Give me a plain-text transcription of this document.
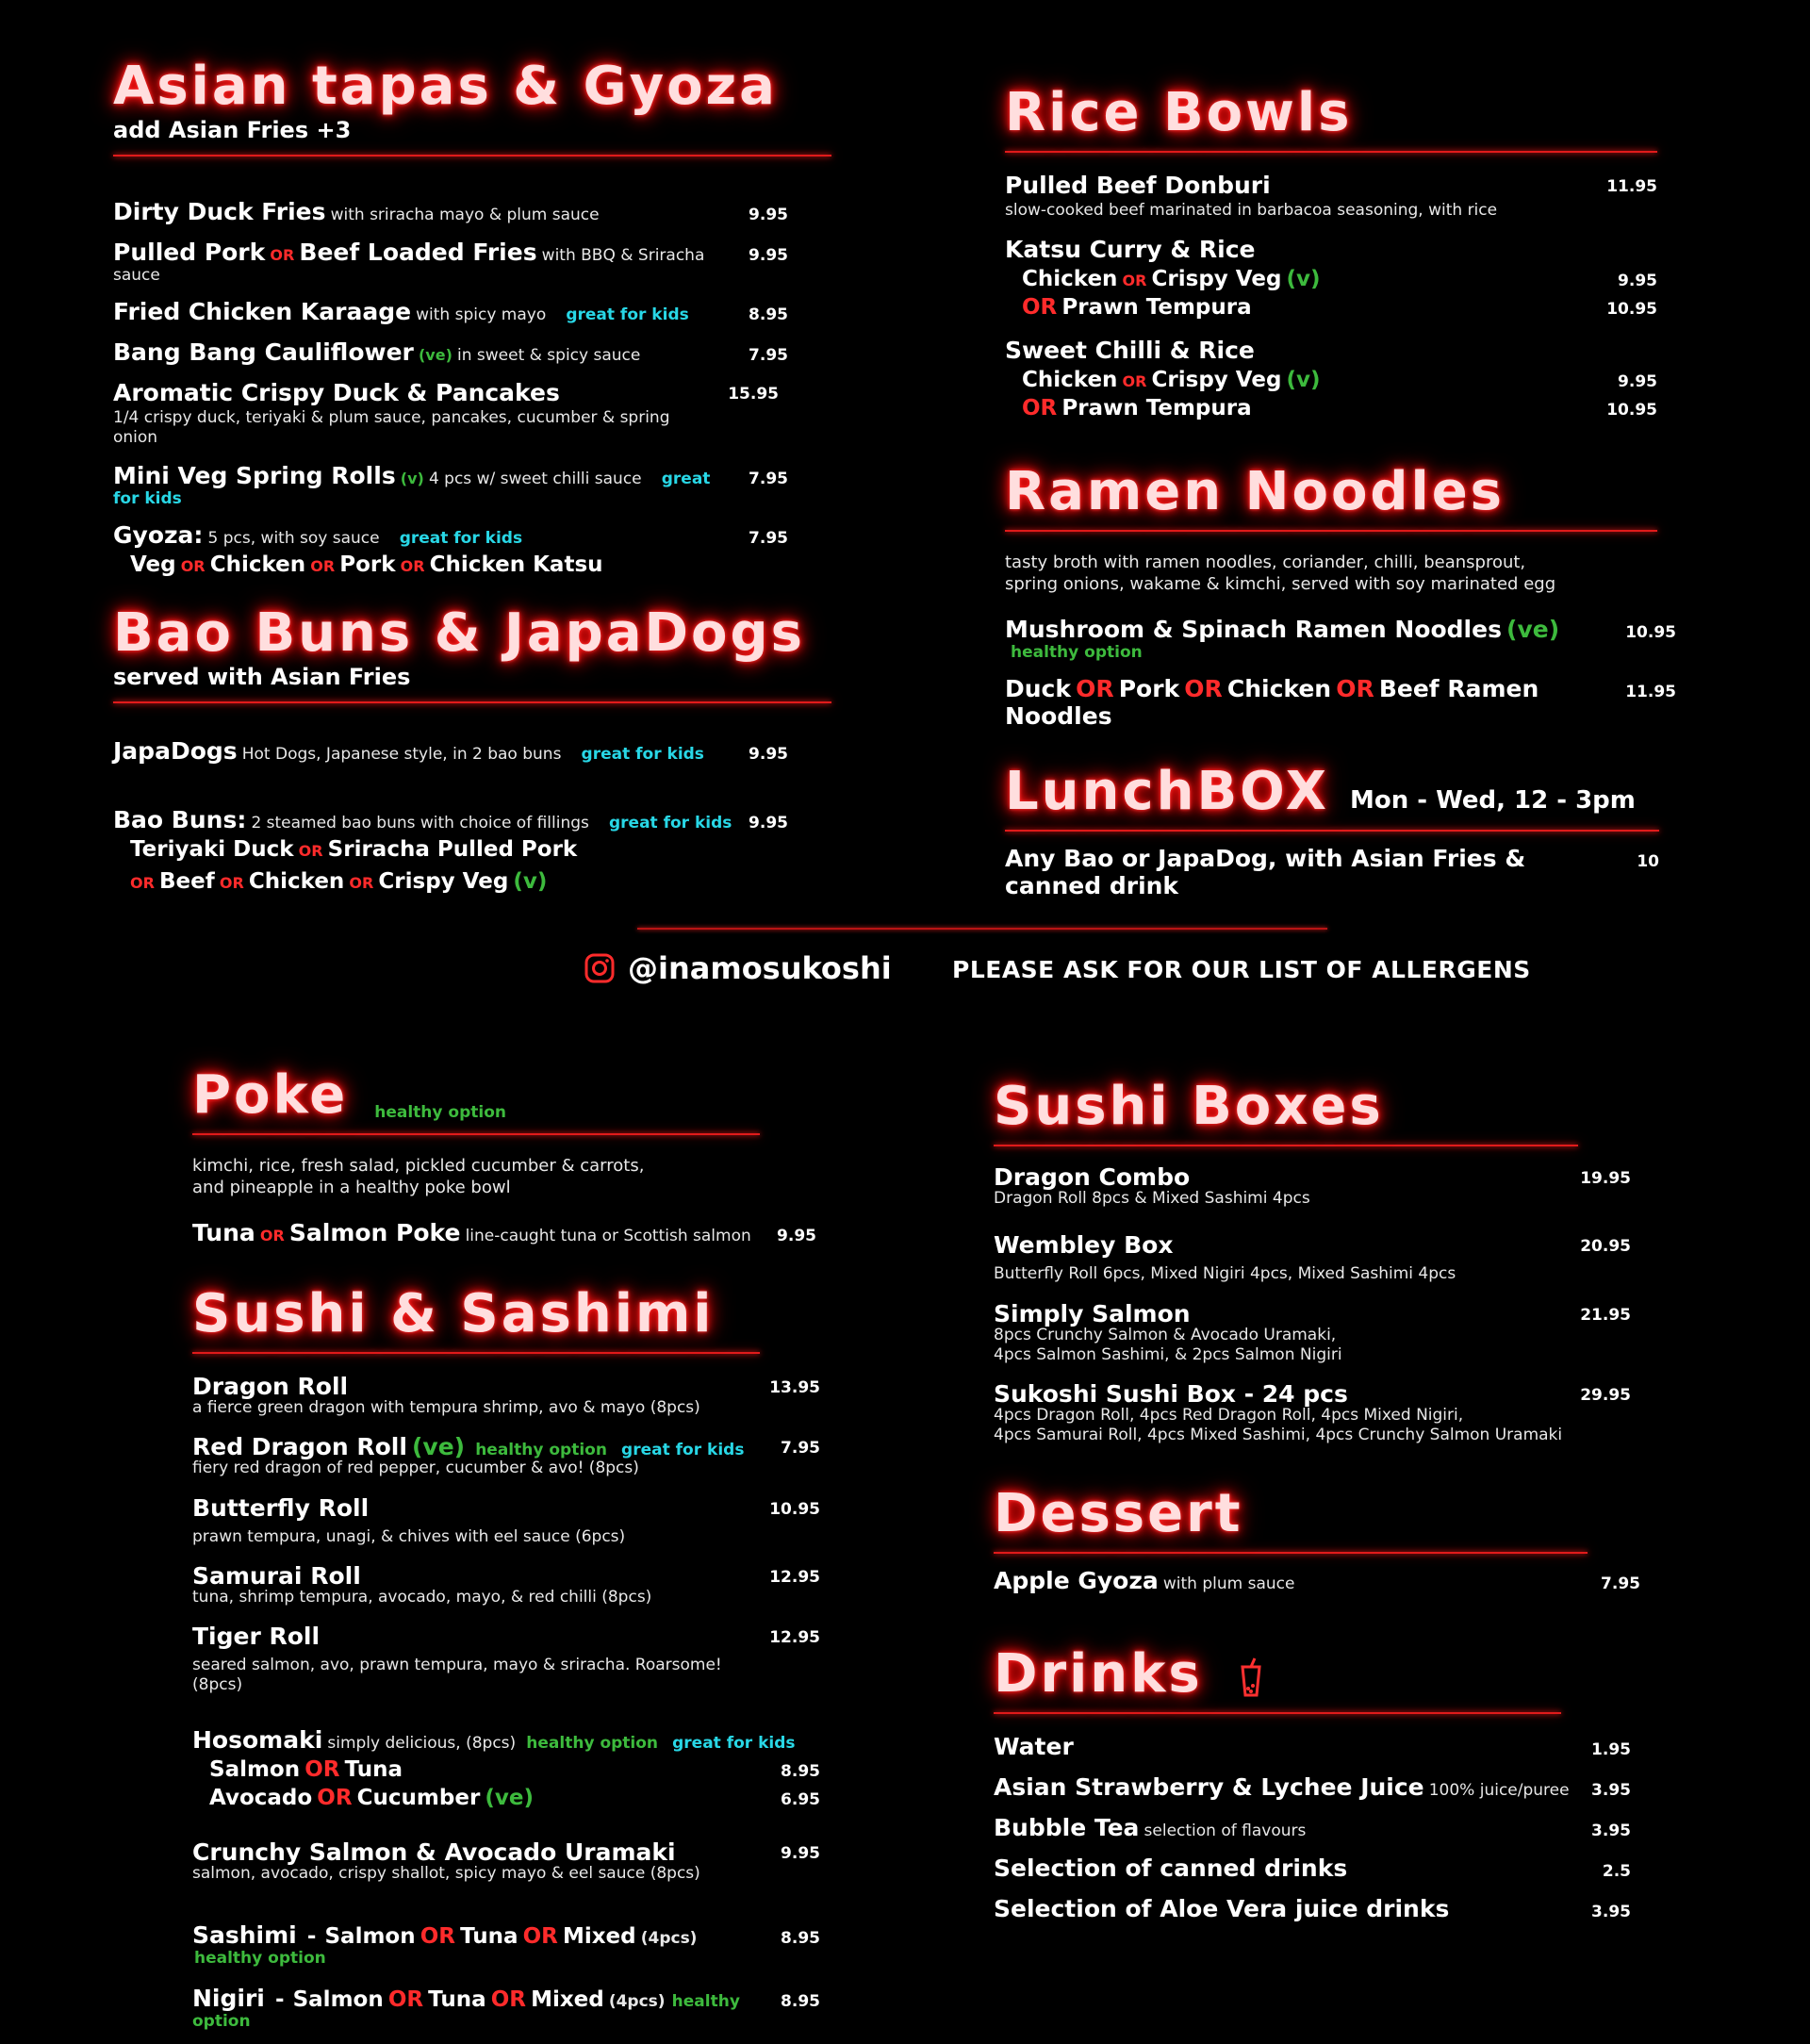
Asian tapas & Gyoza
add Asian Fries +3
Dirty Duck Fries with sriracha mayo & plum sauce	9.95
Pulled Pork OR Beef Loaded Fries with BBQ & Sriracha sauce
9.95
Fried Chicken Karaage with spicy mayo great for kids	8.95
Bang Bang Cauliflower (ve) in sweet & spicy sauce	7.95
Aromatic Crispy Duck & Pancakes
1/4 crispy duck, teriyaki & plum sauce, pancakes, cucumber & spring onion
15.95
Mini Veg Spring Rolls (v) 4 pcs w/ sweet chilli sauce great for kids
7.95
Gyoza: 5 pcs, with soy sauce great for kids	7.95
Veg OR Chicken OR Pork OR Chicken Katsu
Bao Buns & JapaDogs
served with Asian Fries
JapaDogs Hot Dogs, Japanese style, in 2 bao buns great for kids	9.95
Bao Buns: 2 steamed bao buns with choice of fillings great for kids 9.95
Teriyaki Duck OR Sriracha Pulled Pork
OR Beef OR Chicken OR Crispy Veg (v)
Rice Bowls
Pulled Beef Donburi
slow-cooked beef marinated in barbacoa seasoning, with rice
11.95
Katsu Curry & Rice
Chicken OR Crispy Veg (v)	9.95
OR Prawn Tempura	10.95
Sweet Chilli & Rice
Chicken OR Crispy Veg (v)	9.95
OR Prawn Tempura	10.95
Ramen Noodles
tasty broth with ramen noodles, coriander, chilli, beansprout,
spring onions, wakame & kimchi, served with soy marinated egg
Mushroom & Spinach Ramen Noodles (ve) healthy option
10.95
Duck OR Pork OR Chicken OR Beef Ramen Noodles
11.95
LunchBOX Mon - Wed, 12 - 3pm
Any Bao or JapaDog, with Asian Fries & canned drink
10
@inamosukoshi	PLEASE ASK FOR OUR LIST OF ALLERGENS
Poke healthy option
kimchi, rice, fresh salad, pickled cucumber & carrots,
and pineapple in a healthy poke bowl
Tuna OR Salmon Poke line-caught tuna or Scottish salmon	9.95
Sushi & Sashimi
Dragon Roll
a fierce green dragon with tempura shrimp, avo & mayo (8pcs)
13.95
Red Dragon Roll (ve) healthy option great for kids
fiery red dragon of red pepper, cucumber & avo! (8pcs)
7.95
Butterfly Roll
prawn tempura, unagi, & chives with eel sauce (6pcs)
10.95
Samurai Roll
tuna, shrimp tempura, avocado, mayo, & red chilli (8pcs)
12.95
Tiger Roll
seared salmon, avo, prawn tempura, mayo & sriracha. Roarsome! (8pcs)
12.95
Hosomaki simply delicious, (8pcs) healthy option great for kids
Salmon OR Tuna	8.95
Avocado OR Cucumber (ve)	6.95
Crunchy Salmon & Avocado Uramaki
salmon, avocado, crispy shallot, spicy mayo & eel sauce (8pcs)
9.95
Sashimi - Salmon OR Tuna OR Mixed (4pcs) healthy option
8.95
Nigiri - Salmon OR Tuna OR Mixed (4pcs) healthy option
8.95
Sushi Boxes
Dragon Combo
Dragon Roll 8pcs & Mixed Sashimi 4pcs
19.95
Wembley Box
Butterfly Roll 6pcs, Mixed Nigiri 4pcs, Mixed Sashimi 4pcs
20.95
Simply Salmon
8pcs Crunchy Salmon & Avocado Uramaki,
4pcs Salmon Sashimi, & 2pcs Salmon Nigiri
21.95
Sukoshi Sushi Box - 24 pcs
4pcs Dragon Roll, 4pcs Red Dragon Roll, 4pcs Mixed Nigiri,
4pcs Samurai Roll, 4pcs Mixed Sashimi, 4pcs Crunchy Salmon Uramaki
29.95
Dessert
Apple Gyoza with plum sauce	7.95
Drinks
Water	1.95
Asian Strawberry & Lychee Juice 100% juice/puree	3.95
Bubble Tea selection of flavours	3.95
Selection of canned drinks	2.5
Selection of Aloe Vera juice drinks	3.95
